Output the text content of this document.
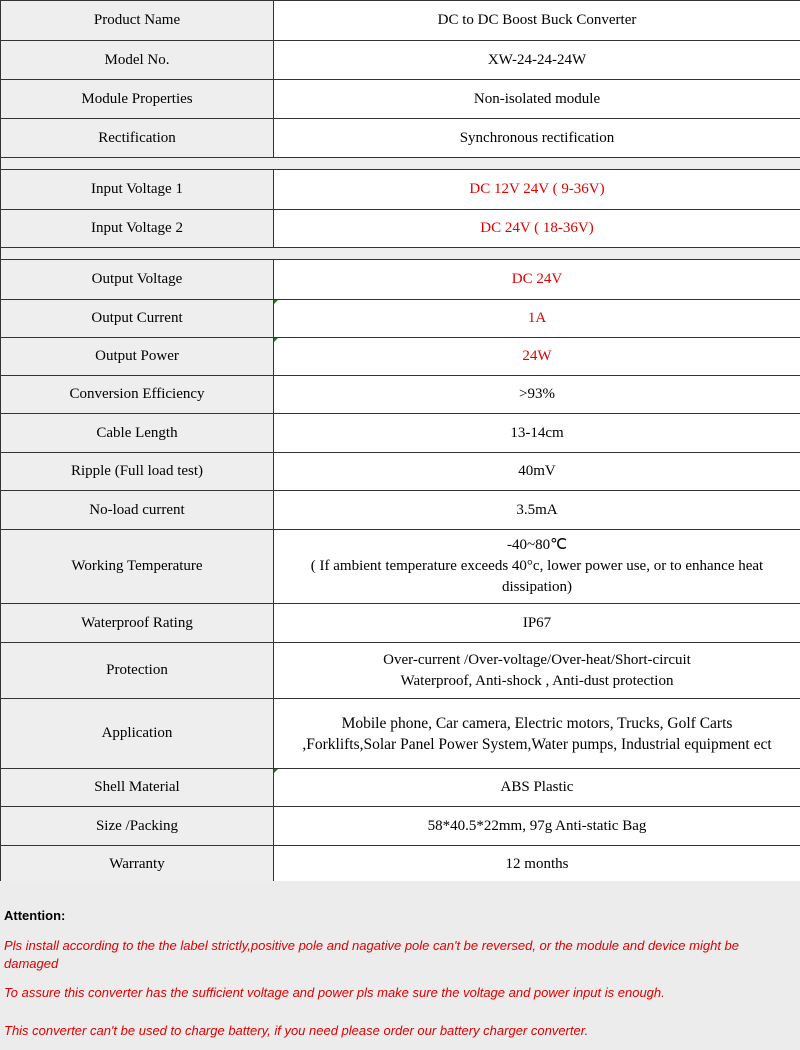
Product Name	DC to DC Boost Buck Converter
Model No.	XW-24-24-24W
Module Properties	Non-isolated module
Rectification	Synchronous rectification

Input Voltage 1	DC 12V 24V ( 9-36V)
Input Voltage 2	DC 24V ( 18-36V)

Output Voltage	DC 24V
Output Current	1A
Output Power	24W
Conversion Efficiency	>93%
Cable Length	13-14cm
Ripple (Full load test)	40mV
No-load current	3.5mA
Working Temperature	-40~80℃
( If ambient temperature exceeds 40°c, lower power use, or to enhance heat dissipation)

Waterproof Rating	IP67
Protection	Over-current /Over-voltage/Over-heat/Short-circuit
Waterproof, Anti-shock , Anti-dust protection

Application	Mobile phone, Car camera, Electric motors, Trucks, Golf Carts
,Forklifts,Solar Panel Power System,Water pumps, Industrial equipment ect

Shell Material	ABS Plastic
Size /Packing	58*40.5*22mm, 97g Anti-static Bag
Warranty	12 months
Attention:
Pls install according to the the label strictly,positive pole and nagative pole can't be reversed, or the module and device might be damaged
To assure this converter has the sufficient voltage and power pls make sure the voltage and power input is enough.
This converter can't be used to charge battery, if you need please order our battery charger converter.
